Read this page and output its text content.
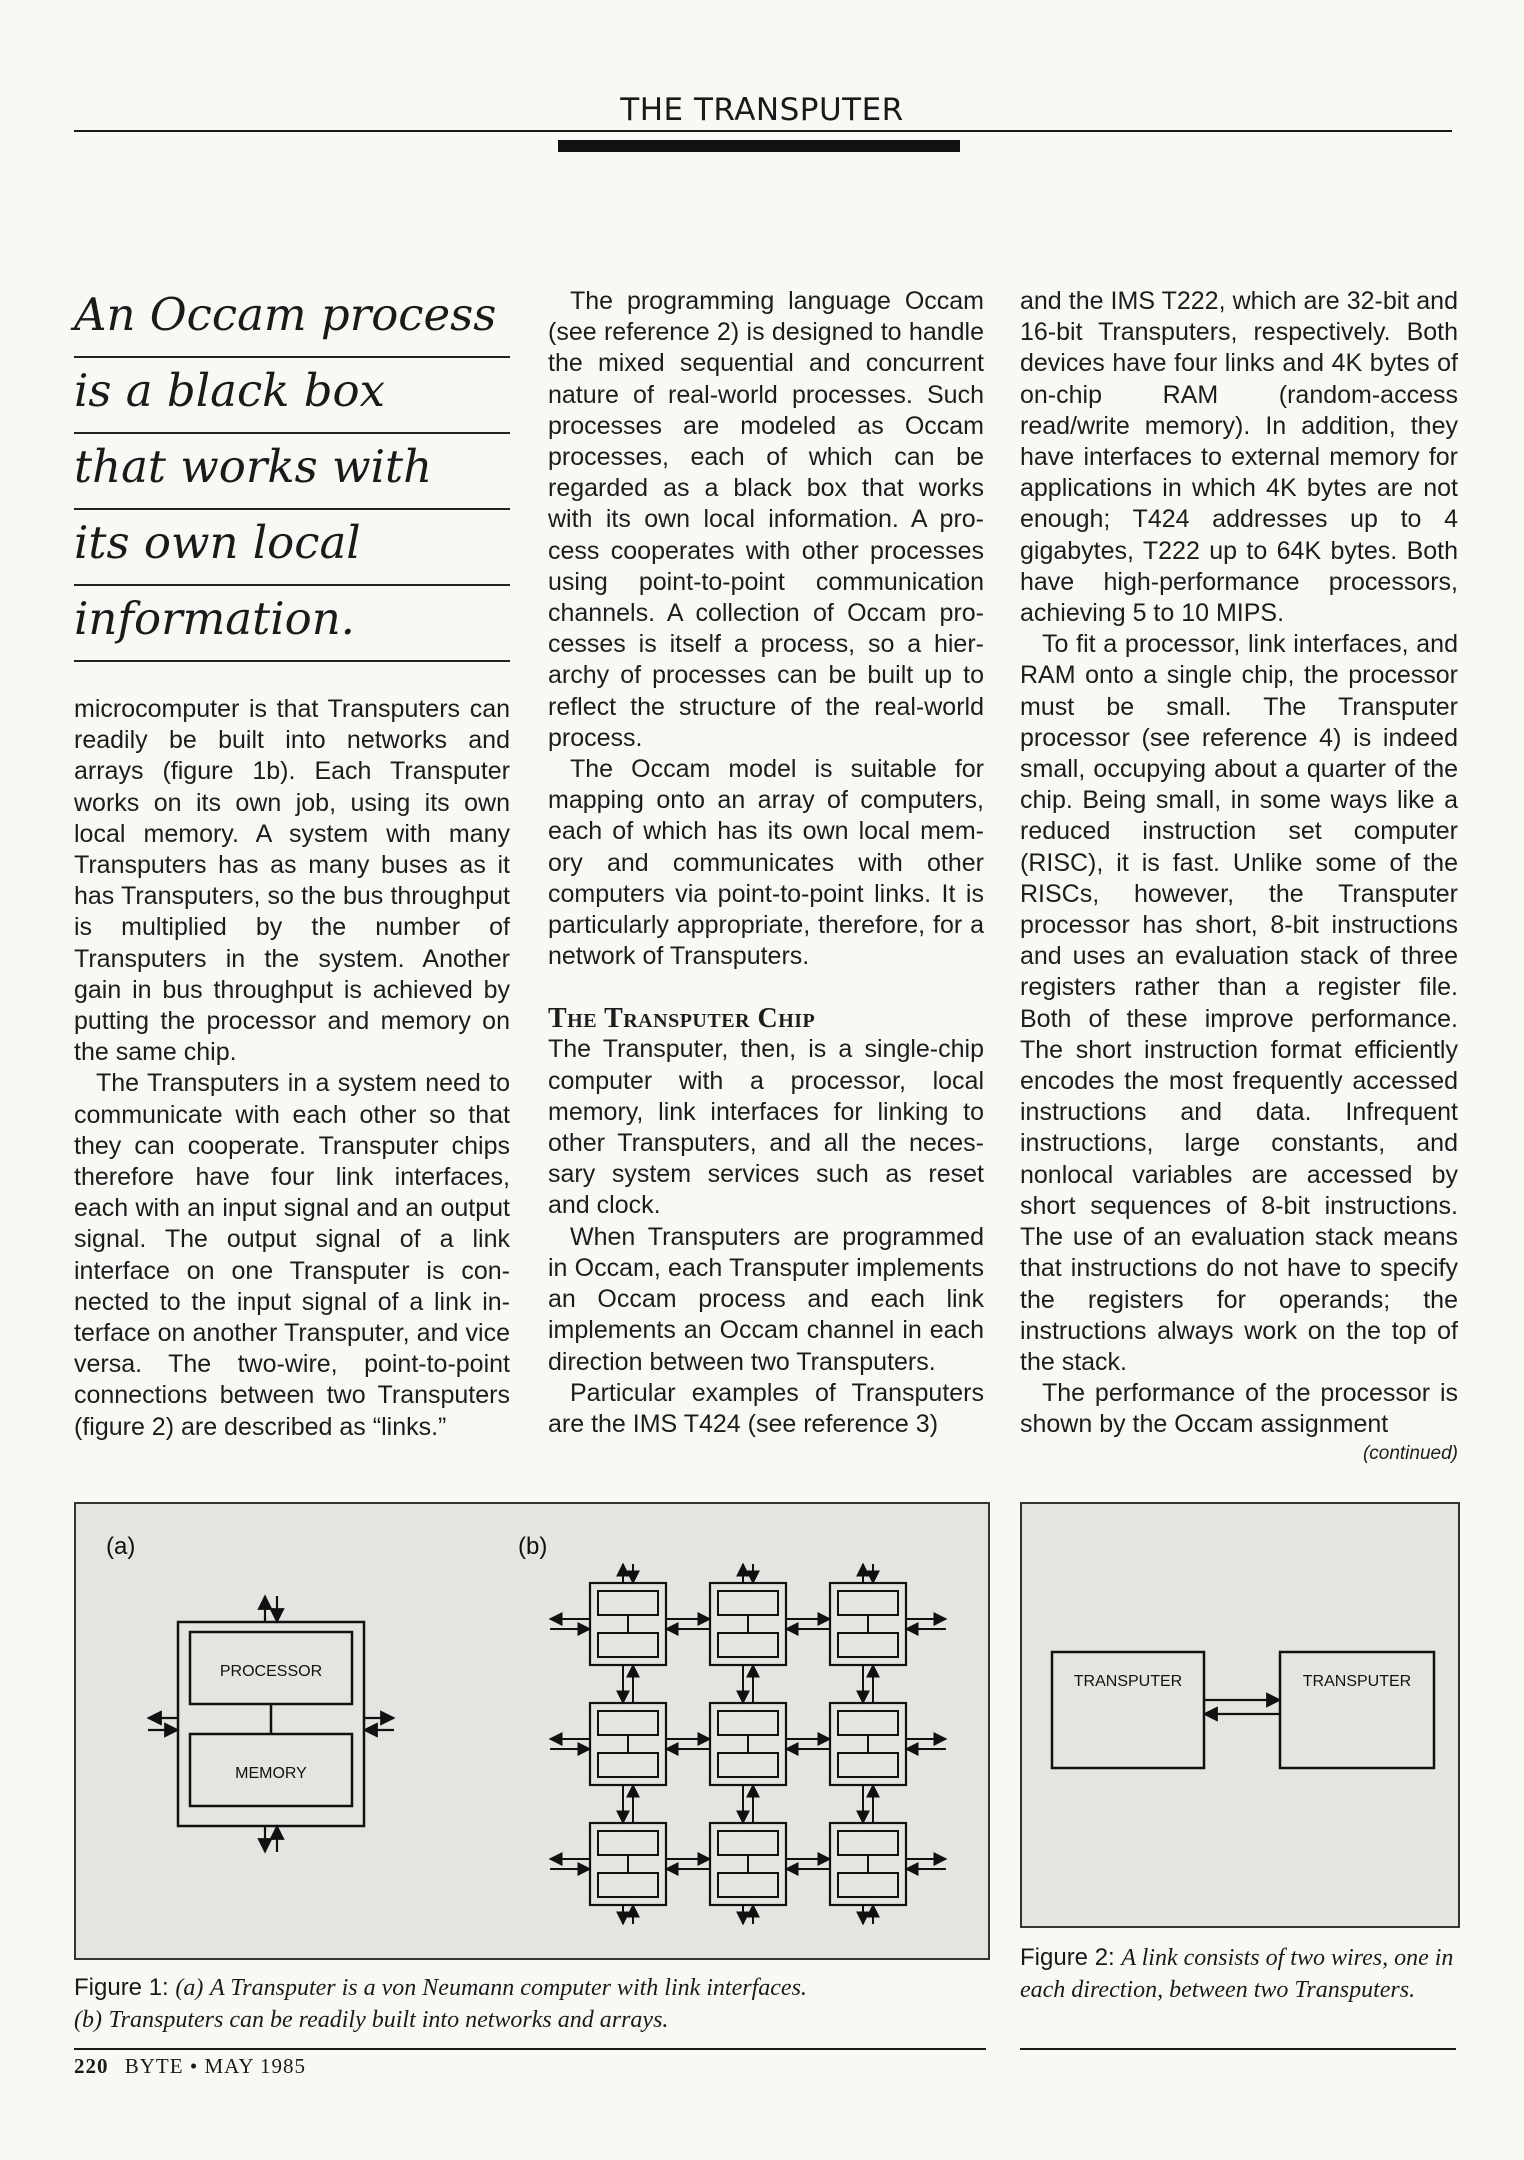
THE TRANSPUTER
An Occam process
is a black box
that works with
its own local
information.

microcomputer is that Transputers can readily be built into networks and arrays (figure 1b). Each Transputer works on its own job, using its own local memory. A system with many Transputers has as many buses as it has Transputers, so the bus throughput is multiplied by the number of Transputers in the system. Another gain in bus throughput is achieved by putting the processor and memory on the same chip.

The Transputers in a system need to communicate with each other so that they can cooperate. Transputer chips therefore have four link interfaces, each with an input signal and an output signal. The output signal of a link interface on one Transputer is connected to the input signal of a link interface on another Transputer, and vice versa. The two-wire, point-to-point connections between two Transputers (figure 2) are described as “links.”

The programming language Occam (see reference 2) is designed to handle the mixed sequential and concurrent nature of real-world processes. Such processes are modeled as Occam processes, each of which can be regarded as a black box that works with its own local information. A process cooperates with other processes using point-to-point communication channels. A collection of Occam processes is itself a process, so a hierarchy of processes can be built up to reflect the structure of the real-world process.

The Occam model is suitable for mapping onto an array of computers, each of which has its own local memory and communicates with other computers via point-to-point links. It is particularly appropriate, therefore, for a network of Transputers.

The Transputer Chip

The Transputer, then, is a single-chip computer with a processor, local memory, link interfaces for linking to other Transputers, and all the necessary system services such as reset and clock.

When Transputers are programmed in Occam, each Transputer implements an Occam process and each link implements an Occam channel in each direction between two Transputers.

Particular examples of Transputers are the IMS T424 (see reference 3)

and the IMS T222, which are 32-bit and 16-bit Transputers, respectively. Both devices have four links and 4K bytes of on-chip RAM (random-access read/write memory). In addition, they have interfaces to external memory for applications in which 4K bytes are not enough; T424 addresses up to 4 gigabytes, T222 up to 64K bytes. Both have high-performance processors, achieving 5 to 10 MIPS.

To fit a processor, link interfaces, and RAM onto a single chip, the processor must be small. The Transputer processor (see reference 4) is indeed small, occupying about a quarter of the chip. Being small, in some ways like a reduced instruction set computer (RISC), it is fast. Unlike some of the RISCs, however, the Transputer processor has short, 8-bit instructions and uses an evaluation stack of three registers rather than a register file. Both of these improve performance. The short instruction format efficiently encodes the most frequently accessed instructions and data. Infrequent instructions, large constants, and nonlocal variables are accessed by short sequences of 8-bit instructions. The use of an evaluation stack means that instructions do not have to specify the registers for operands; the instructions always work on the top of the stack.

The performance of the processor is shown by the Occam assignment

(continued)
(a)
PROCESSOR
MEMORY
(b)
Figure 1: (a) A Transputer is a von Neumann computer with link interfaces.
(b) Transputers can be readily built into networks and arrays.
TRANSPUTER	TRANSPUTER
Figure 2: A link consists of two wires, one in each direction, between two Transputers.
220 BYTE • MAY 1985
